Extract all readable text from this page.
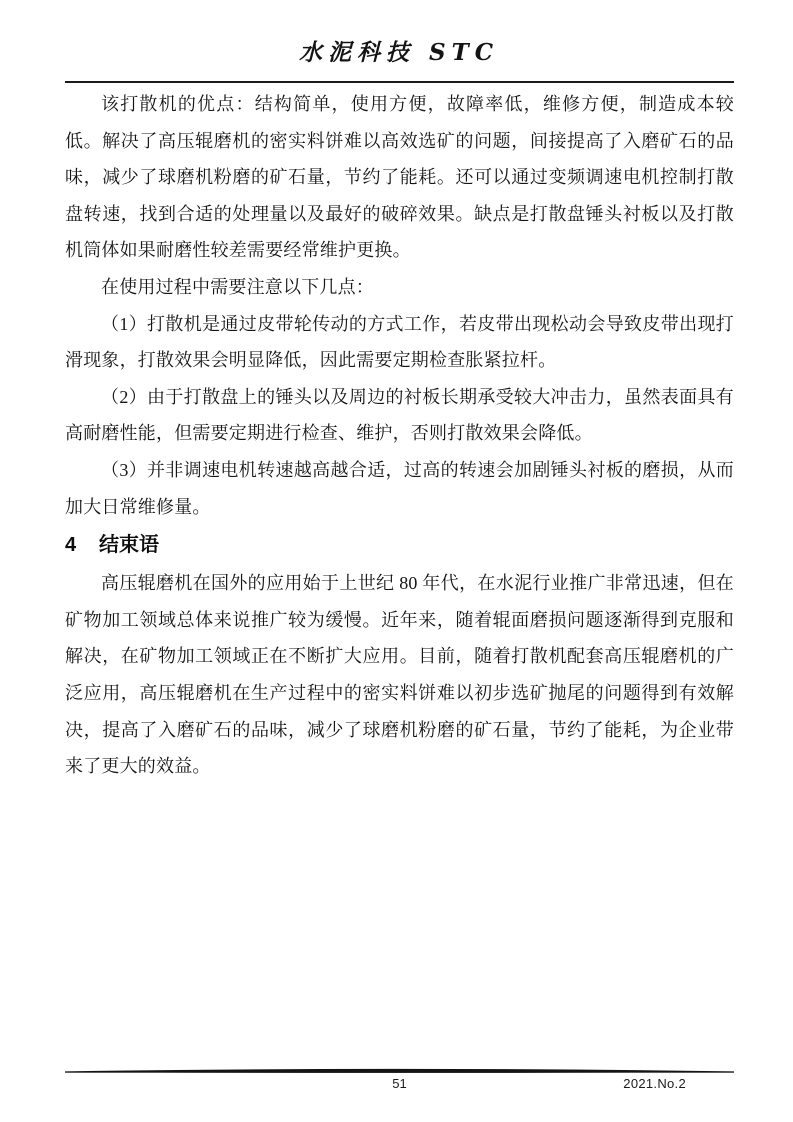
水泥科技 STC

该打散机的优点：结构简单，使用方便，故障率低，维修方便，制造成本较低。解决了高压辊磨机的密实料饼难以高效选矿的问题，间接提高了入磨矿石的品味，减少了球磨机粉磨的矿石量，节约了能耗。还可以通过变频调速电机控制打散盘转速，找到合适的处理量以及最好的破碎效果。缺点是打散盘锤头衬板以及打散机筒体如果耐磨性较差需要经常维护更换。

在使用过程中需要注意以下几点：

（1）打散机是通过皮带轮传动的方式工作，若皮带出现松动会导致皮带出现打滑现象，打散效果会明显降低，因此需要定期检查胀紧拉杆。

（2）由于打散盘上的锤头以及周边的衬板长期承受较大冲击力，虽然表面具有高耐磨性能，但需要定期进行检查、维护，否则打散效果会降低。

（3）并非调速电机转速越高越合适，过高的转速会加剧锤头衬板的磨损，从而加大日常维修量。

4 结束语

高压辊磨机在国外的应用始于上世纪 80 年代，在水泥行业推广非常迅速，但在矿物加工领域总体来说推广较为缓慢。近年来，随着辊面磨损问题逐渐得到克服和解决，在矿物加工领域正在不断扩大应用。目前，随着打散机配套高压辊磨机的广泛应用，高压辊磨机在生产过程中的密实料饼难以初步选矿抛尾的问题得到有效解决，提高了入磨矿石的品味，减少了球磨机粉磨的矿石量，节约了能耗，为企业带来了更大的效益。

51	2021.No.2
